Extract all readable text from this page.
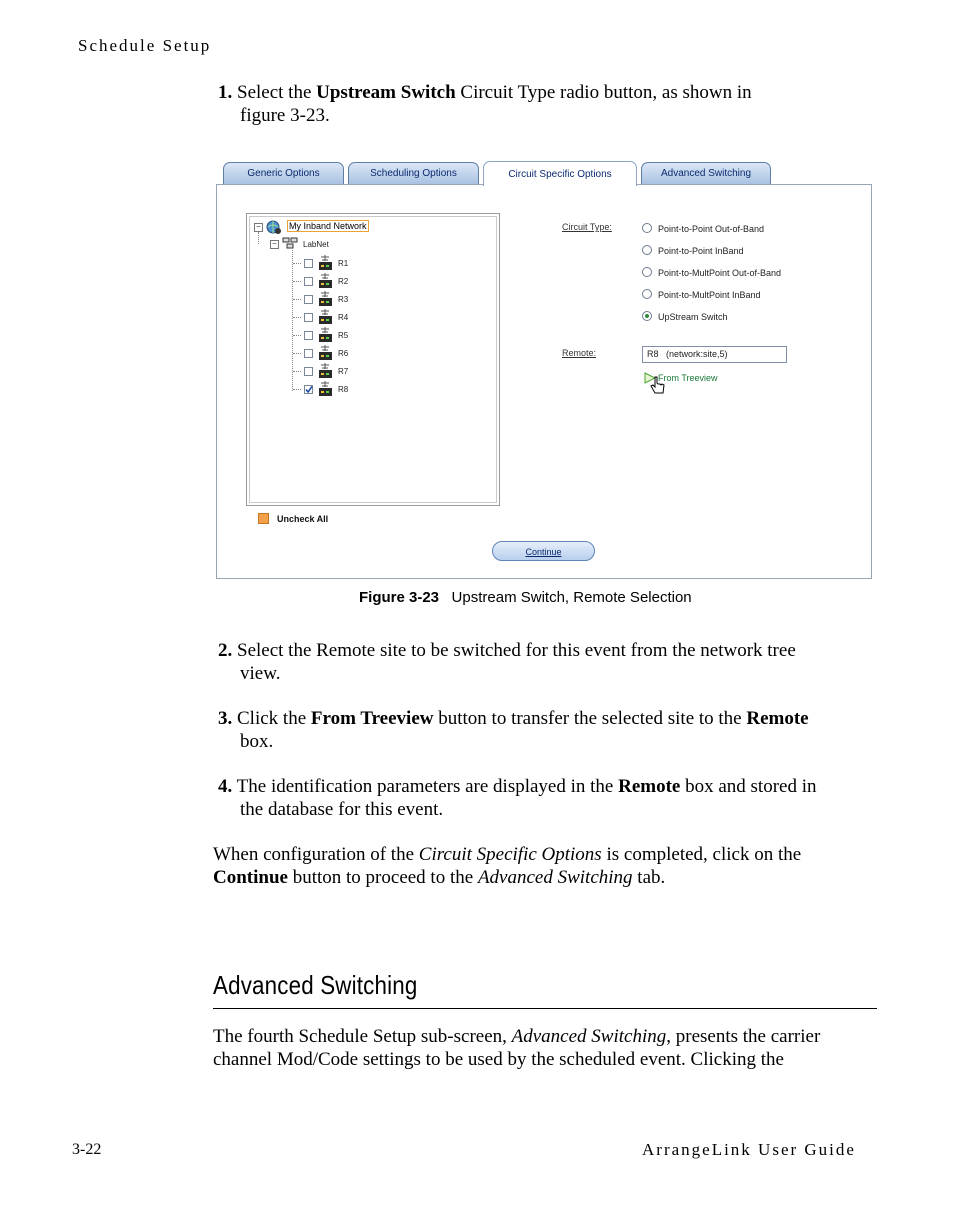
Schedule Setup
1. Select the Upstream Switch Circuit Type radio button, as shown in
figure 3-23.
Generic Options	Scheduling Options	Advanced Switching
Circuit Specific Options
−	My Inband Network
−	LabNet
R1
R2
R3
R4
R5
R6
R7
R8
Uncheck All
Circuit Type:	Point-to-Point Out-of-Band
Point-to-Point InBand
Point-to-MultPoint Out-of-Band
Point-to-MultPoint InBand
UpStream Switch
Remote:	R8   (network:site,5)
From Treeview
Continue
Figure 3-23 Upstream Switch, Remote Selection
2. Select the Remote site to be switched for this event from the network tree
view.
3. Click the From Treeview button to transfer the selected site to the Remote
box.
4. The identification parameters are displayed in the Remote box and stored in
the database for this event.
When configuration of the Circuit Specific Options is completed, click on the
Continue button to proceed to the Advanced Switching tab.
Advanced Switching
The fourth Schedule Setup sub-screen, Advanced Switching, presents the carrier
channel Mod/Code settings to be used by the scheduled event. Clicking the
3-22	ArrangeLink User Guide
